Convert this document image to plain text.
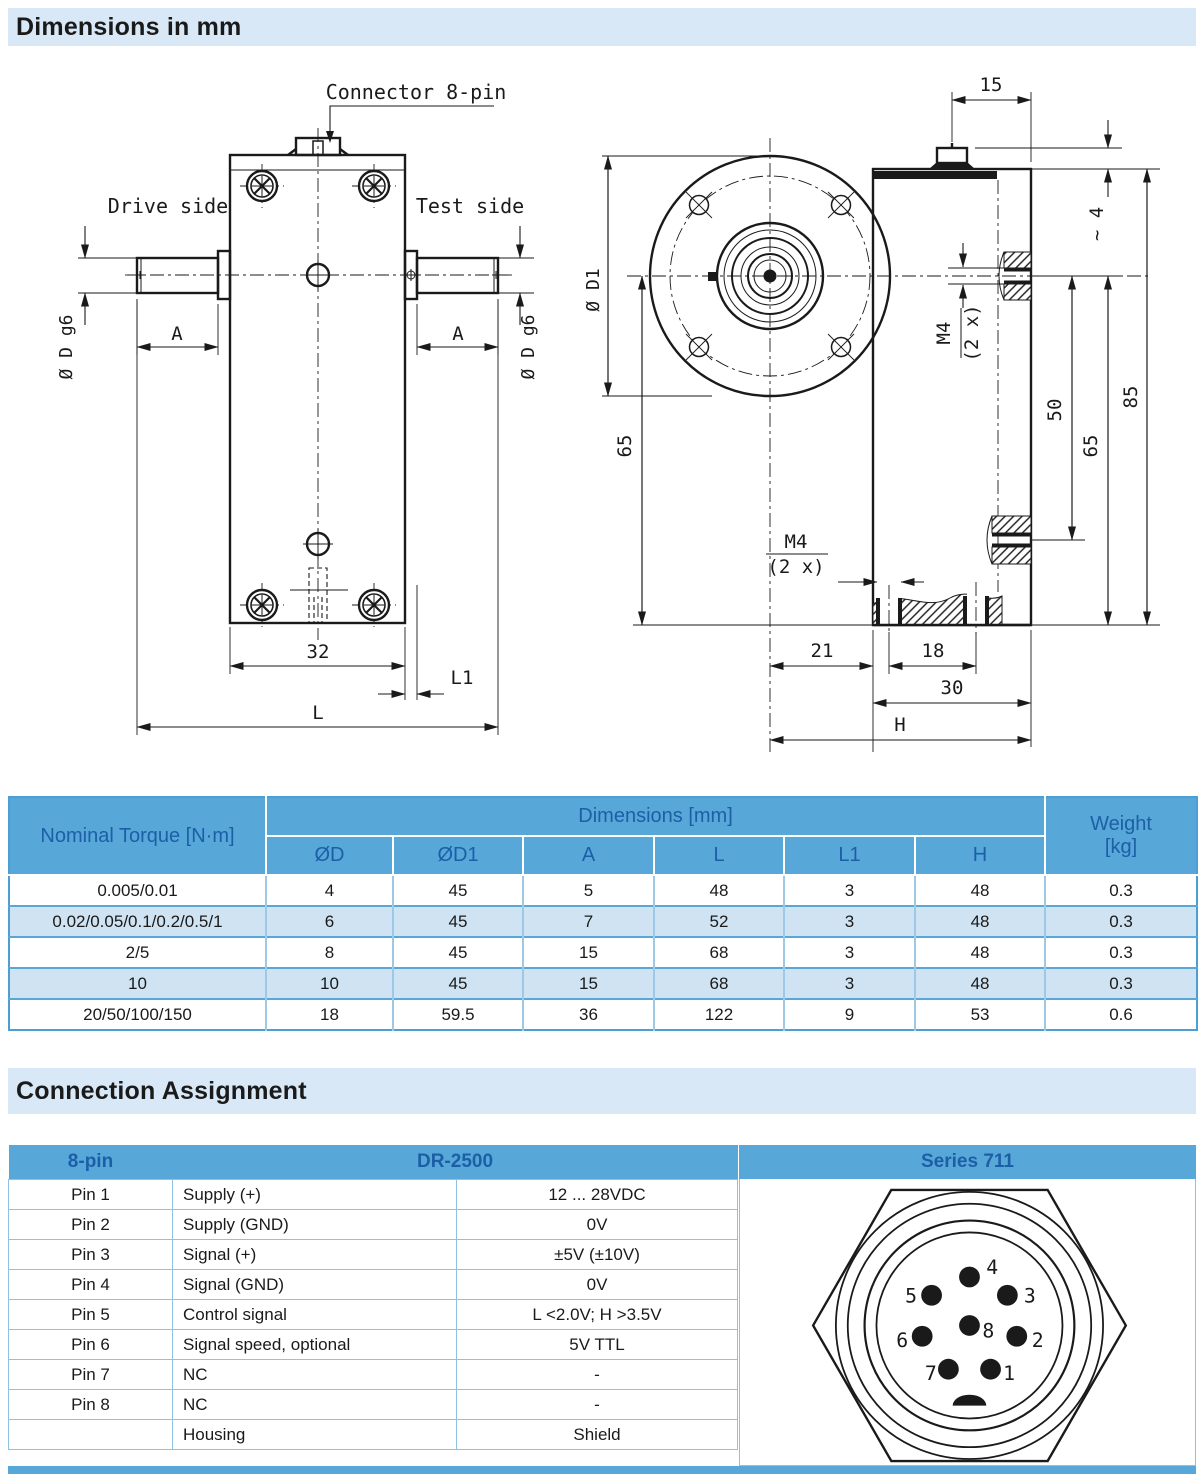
Dimensions in mm
Connector 8-pin
Drive side	Test side
Ø D g6	Ø D g6
A	A
32
L1
L
15
~ 4
85
65
50
M4 (2 x)
M4
(2 x)
Ø D1
65
21	18
30
H
Nominal Torque [N·m]	Dimensions [mm]						Weight
[kg]

	ØD	ØD1	A	L	L1	H	
0.005/0.01	4	45	5	48	3	48	0.3
0.02/0.05/0.1/0.2/0.5/1	6	45	7	52	3	48	0.3
2/5	8	45	15	68	3	48	0.3
10	10	45	15	68	3	48	0.3
20/50/100/150	18	59.5	36	122	9	53	0.6
Connection Assignment
8-pin	DR-2500	
Pin 1	Supply (+)	12 ... 28VDC
Pin 2	Supply (GND)	0V
Pin 3	Signal (+)	±5V (±10V)
Pin 4	Signal (GND)	0V
Pin 5	Control signal	L <2.0V; H >3.5V
Pin 6	Signal speed, optional	5V TTL
Pin 7	NC	-
Pin 8	NC	-
	Housing	Shield
Series 711
4
3
2
1
7
6
5
8
